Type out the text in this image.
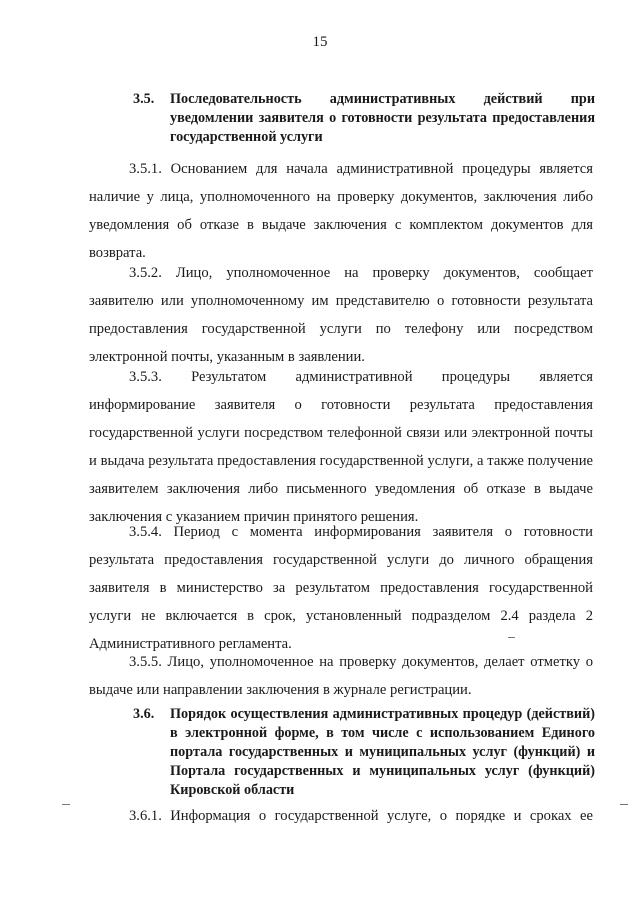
15
3.5. Последовательность административных действий при уведомлении заявителя о готовности результата предоставления государственной услуги
3.5.1. Основанием для начала административной процедуры является наличие у лица, уполномоченного на проверку документов, заключения либо уведомления об отказе в выдаче заключения с комплектом документов для возврата.
3.5.2. Лицо, уполномоченное на проверку документов, сообщает заявителю или уполномоченному им представителю о готовности результата предоставления государственной услуги по телефону или посредством электронной почты, указанным в заявлении.
3.5.3. Результатом административной процедуры является информирование заявителя о готовности результата предоставления государственной услуги посредством телефонной связи или электронной почты и выдача результата предоставления государственной услуги, а также получение заявителем заключения либо письменного уведомления об отказе в выдаче заключения с указанием причин принятого решения.
3.5.4. Период с момента информирования заявителя о готовности результата предоставления государственной услуги до личного обращения заявителя в министерство за результатом предоставления государственной услуги не включается в срок, установленный подразделом 2.4 раздела 2 Административного регламента.
3.5.5. Лицо, уполномоченное на проверку документов, делает отметку о выдаче или направлении заключения в журнале регистрации.
3.6. Порядок осуществления административных процедур (действий) в электронной форме, в том числе с использованием Единого портала государственных и муниципальных услуг (функций) и Портала государственных и муниципальных услуг (функций) Кировской области
3.6.1. Информация о государственной услуге, о порядке и сроках ее
